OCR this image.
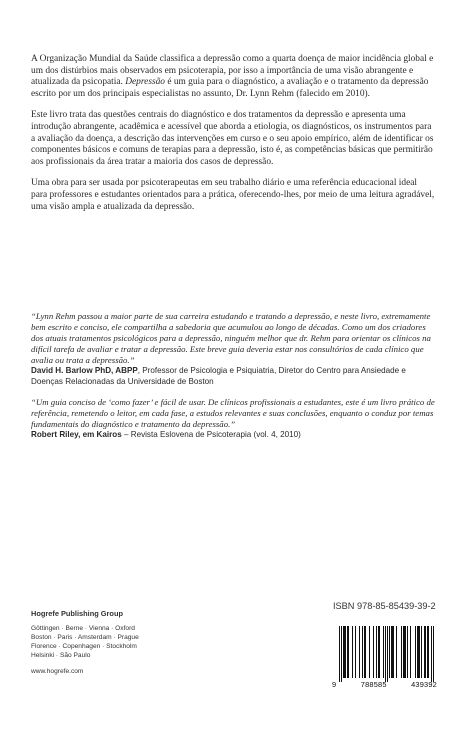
A Organização Mundial da Saúde classifica a depressão como a quarta doença de maior incidência global e um dos distúrbios mais observados em psicoterapia, por isso a importância de uma visão abrangente e atualizada da psicopatia. Depressão é um guia para o diagnóstico, a avaliação e o tratamento da depressão escrito por um dos principais especialistas no assunto, Dr. Lynn Rehm (falecido em 2010).

Este livro trata das questões centrais do diagnóstico e dos tratamentos da depressão e apresenta uma introdução abrangente, acadêmica e acessível que aborda a etiologia, os diagnósticos, os instrumentos para a avaliação da doença, a descrição das intervenções em curso e o seu apoio empírico, além de identificar os componentes básicos e comuns de terapias para a depressão, isto é, as competências básicas que permitirão aos profissionais da área tratar a maioria dos casos de depressão.

Uma obra para ser usada por psicoterapeutas em seu trabalho diário e uma referência educacional ideal para professores e estudantes orientados para a prática, oferecendo-lhes, por meio de uma leitura agradável, uma visão ampla e atualizada da depressão.

“Lynn Rehm passou a maior parte de sua carreira estudando e tratando a depressão, e neste livro, extremamente bem escrito e conciso, ele compartilha a sabedoria que acumulou ao longo de décadas. Como um dos criadores dos atuais tratamentos psicológicos para a depressão, ninguém melhor que dr. Rehm para orientar os clínicos na difícil tarefa de avaliar e tratar a depressão. Este breve guia deveria estar nos consultórios de cada clínico que avalia ou trata a depressão.”

David H. Barlow PhD, ABPP, Professor de Psicologia e Psiquiatria, Diretor do Centro para Ansiedade e Doenças Relacionadas da Universidade de Boston

“Um guia conciso de ‘como fazer’ e fácil de usar. De clínicos profissionais a estudantes, este é um livro prático de referência, remetendo o leitor, em cada fase, a estudos relevantes e suas conclusões, enquanto o conduz por temas fundamentais do diagnóstico e tratamento da depressão.”

Robert Riley, em Kairos – Revista Eslovena de Psicoterapia (vol. 4, 2010)

Hogrefe Publishing Group

Göttingen · Berne · Vienna · Oxford
Boston · Paris · Amsterdam · Prague
Florence · Copenhagen · Stockholm
Helsinki · São Paulo

www.hogrefe.com
ISBN 978-85-85439-39-2
9	788585	439392
